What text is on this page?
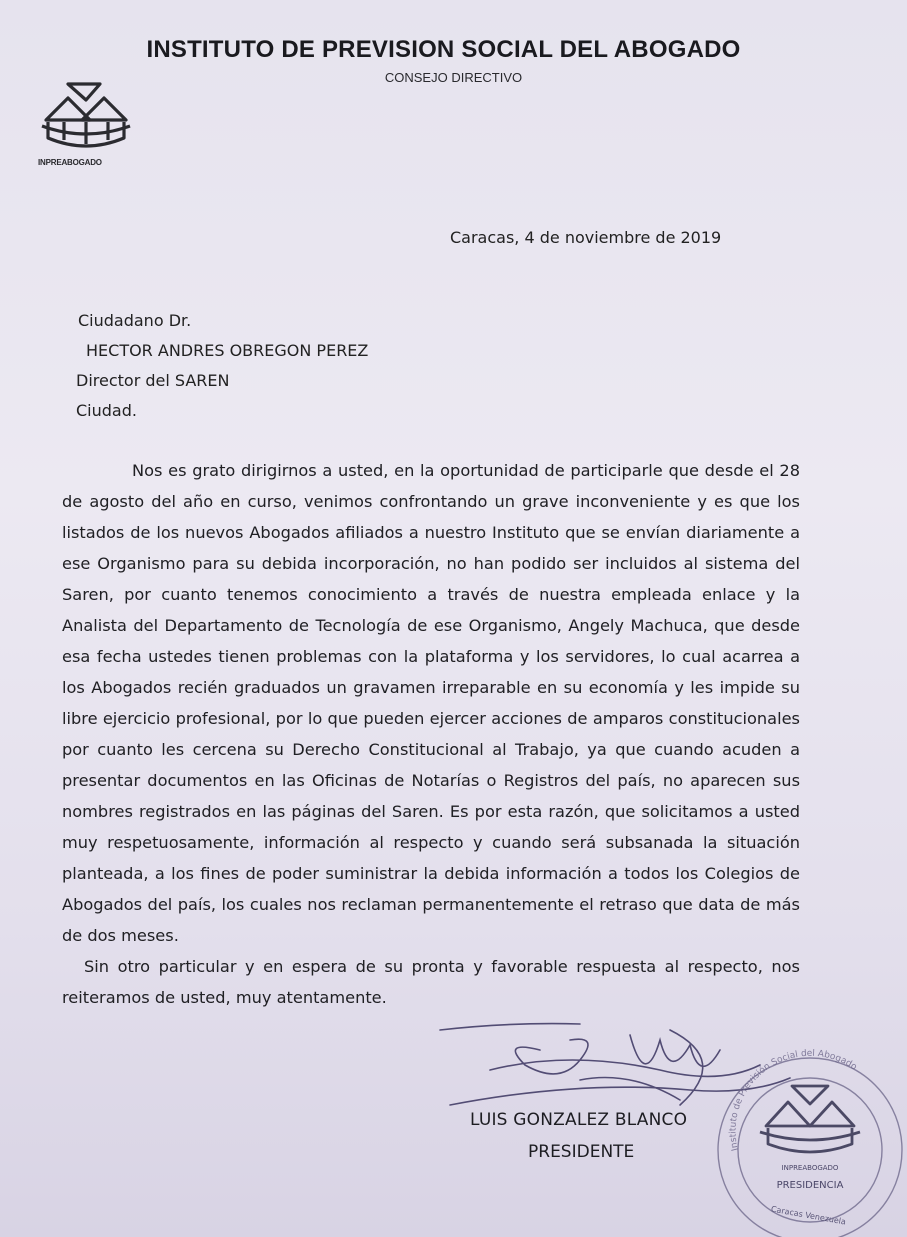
INSTITUTO DE PREVISION SOCIAL DEL ABOGADO
CONSEJO DIRECTIVO
INPREABOGADO
Caracas, 4 de noviembre de 2019
Ciudadano Dr.
HECTOR ANDRES OBREGON PEREZ
Director del SAREN
Ciudad.

Nos es grato dirigirnos a usted, en la oportunidad de participarle que desde el 28 de agosto del año en curso, venimos confrontando un grave inconveniente y es que los listados de los nuevos Abogados afiliados a nuestro Instituto que se envían diariamente a ese Organismo para su debida incorporación, no han podido ser incluidos al sistema del Saren, por cuanto tenemos conocimiento a través de nuestra empleada enlace y la Analista del Departamento de Tecnología de ese Organismo, Angely Machuca, que desde esa fecha ustedes tienen problemas con la plataforma y los servidores, lo cual acarrea a los Abogados recién graduados un gravamen irreparable en su economía y les impide su libre ejercicio profesional, por lo que pueden ejercer acciones de amparos constitucionales por cuanto les cercena su Derecho Constitucional al Trabajo, ya que cuando acuden a presentar documentos en las Oficinas de Notarías o Registros del país, no aparecen sus nombres registrados en las páginas del Saren. Es por esta razón, que solicitamos a usted muy respetuosamente, información al respecto y cuando será subsanada la situación planteada, a los fines de poder suministrar la debida información a todos los Colegios de Abogados del país, los cuales nos reclaman permanentemente el retraso que data de más de dos meses.

Sin otro particular y en espera de su pronta y favorable respuesta al respecto, nos reiteramos de usted, muy atentamente.

LUIS GONZALEZ BLANCO
PRESIDENTE	Instituto de Previsión Social del Abogado
INPREABOGADO
PRESIDENCIA
Caracas Venezuela
